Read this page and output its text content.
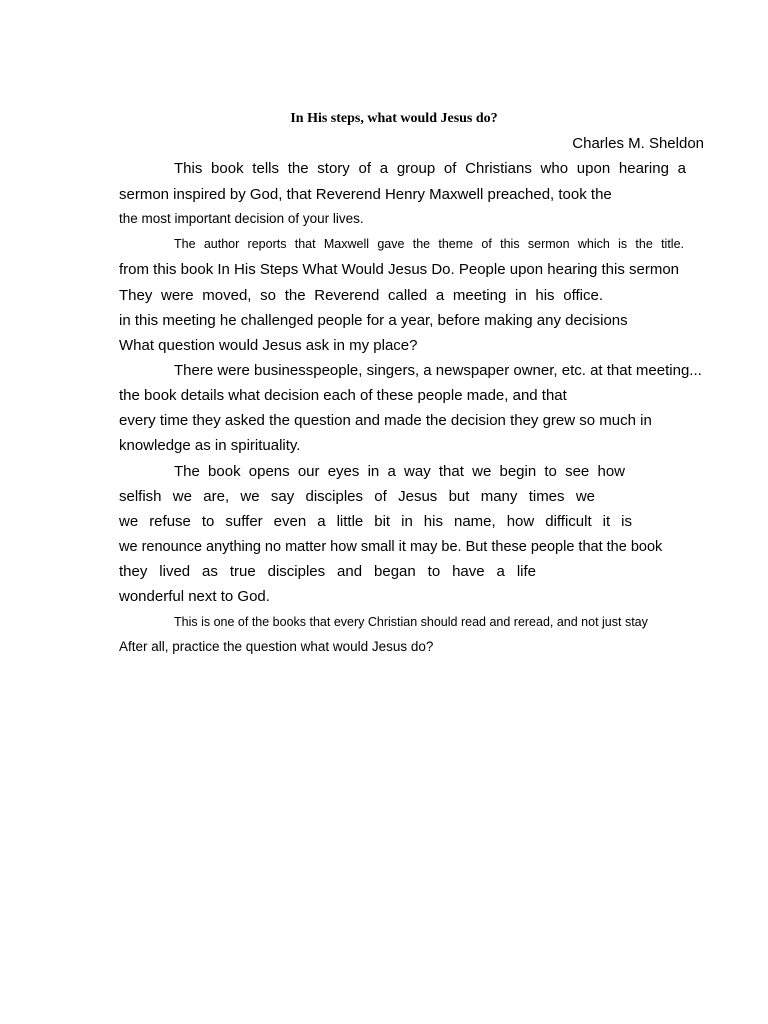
In His steps, what would Jesus do?
Charles M. Sheldon
This book tells the story of a group of Christians who upon hearing a
sermon inspired by God, that Reverend Henry Maxwell preached, took the
the most important decision of your lives.
The author reports that Maxwell gave the theme of this sermon which is the title.
from this book In His Steps What Would Jesus Do. People upon hearing this sermon
They were moved, so the Reverend called a meeting in his office.
in this meeting he challenged people for a year, before making any decisions
What question would Jesus ask in my place?
There were businesspeople, singers, a newspaper owner, etc. at that meeting...
the book details what decision each of these people made, and that
every time they asked the question and made the decision they grew so much in
knowledge as in spirituality.
The book opens our eyes in a way that we begin to see how
selfish we are, we say disciples of Jesus but many times we
we refuse to suffer even a little bit in his name, how difficult it is
we renounce anything no matter how small it may be. But these people that the book
they lived as true disciples and began to have a life
wonderful next to God.
This is one of the books that every Christian should read and reread, and not just stay
After all, practice the question what would Jesus do?
